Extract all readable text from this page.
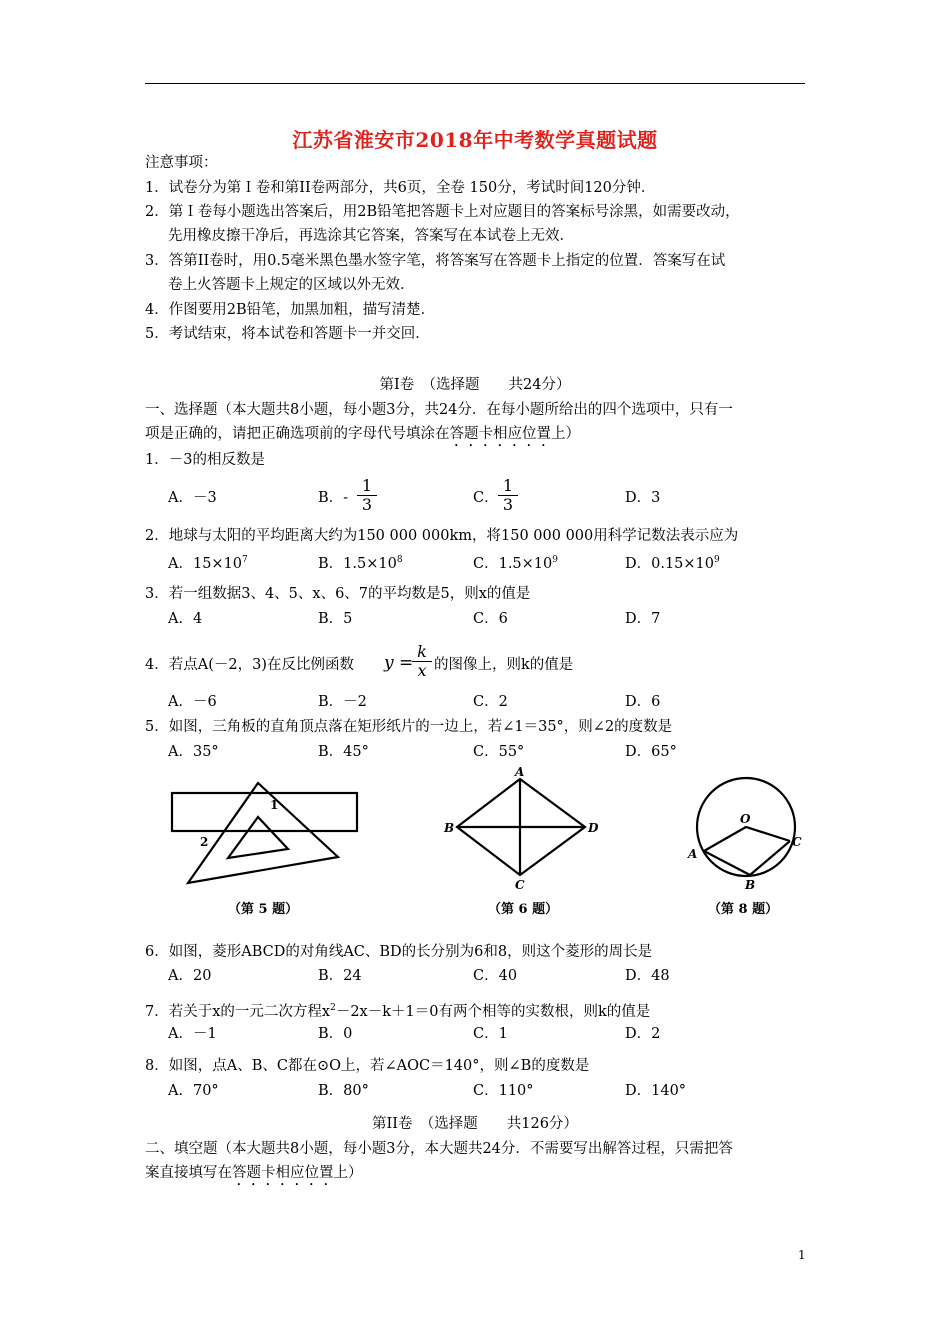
江苏省淮安市2018年中考数学真题试题
注意事项：
1．试卷分为第Ｉ卷和第II卷两部分，共6页，全卷 150分，考试时间120分钟．
2．第Ｉ卷每小题选出答案后，用2B铅笔把答题卡上对应题目的答案标号涂黑，如需要改动，
先用橡皮擦干净后，再选涂其它答案，答案写在本试卷上无效．
3．答第II卷时，用0.5毫米黑色墨水签字笔，将答案写在答题卡上指定的位置．答案写在试
卷上火答题卡上规定的区域以外无效．
4．作图要用2B铅笔，加黑加粗，描写清楚．
5．考试结束，将本试卷和答题卡一并交回．
第Ⅰ卷　（选择题　　共24分）
一、选择题（本大题共8小题，每小题3分，共24分．在每小题所给出的四个选项中，只有一
项是正确的，请把正确选项前的字母代号填涂在答题卡相应位置上）
1．－3的相反数是
A．－3	B．- $\frac{1}{3}$	C． $\frac{1}{3}$	D．3
2．地球与太阳的平均距离大约为150 000 000km，将150 000 000用科学记数法表示应为
A．$15\times 10^7$	B．$1.5\times 10^8$	C．$1.5\times 10^9$	D．$0.15\times 10^9$
3．若一组数据3、4、5、x、6、7的平均数是5，则x的值是
A．4	B．5	C．6	D．7
4．若点A(－2，3)在反比例函数 y =
$\frac{k}{x}$ 的图像上，则k的值是
A．－6	B．－2	C．2	D．6
5．如图，三角板的直角顶点落在矩形纸片的一边上，若∠1＝35°，则∠2的度数是
A．35°	B．45°	C．55°	D．65°
1
2
A
B
C
D
O
A
B
C
（第 5 题）	（第 6 题）	（第 8 题）
6．如图，菱形ABCD的对角线AC、BD的长分别为6和8，则这个菱形的周长是
A．20	B．24	C．40	D．48
7．若关于x的一元二次方程$x^2-2x-k+1=0$有两个相等的实数根，则k的值是
A．－1	B．0	C．1	D．2
8．如图，点A、B、C都在⊙O上，若∠AOC＝140°，则∠B的度数是
A．70°	B．80°	C．110°	D．140°
第II卷　（选择题　　共126分）
二、填空题（本大题共8小题，每小题3分，本大题共24分．不需要写出解答过程，只需把答
案直接填写在答题卡相应位置上）
1
